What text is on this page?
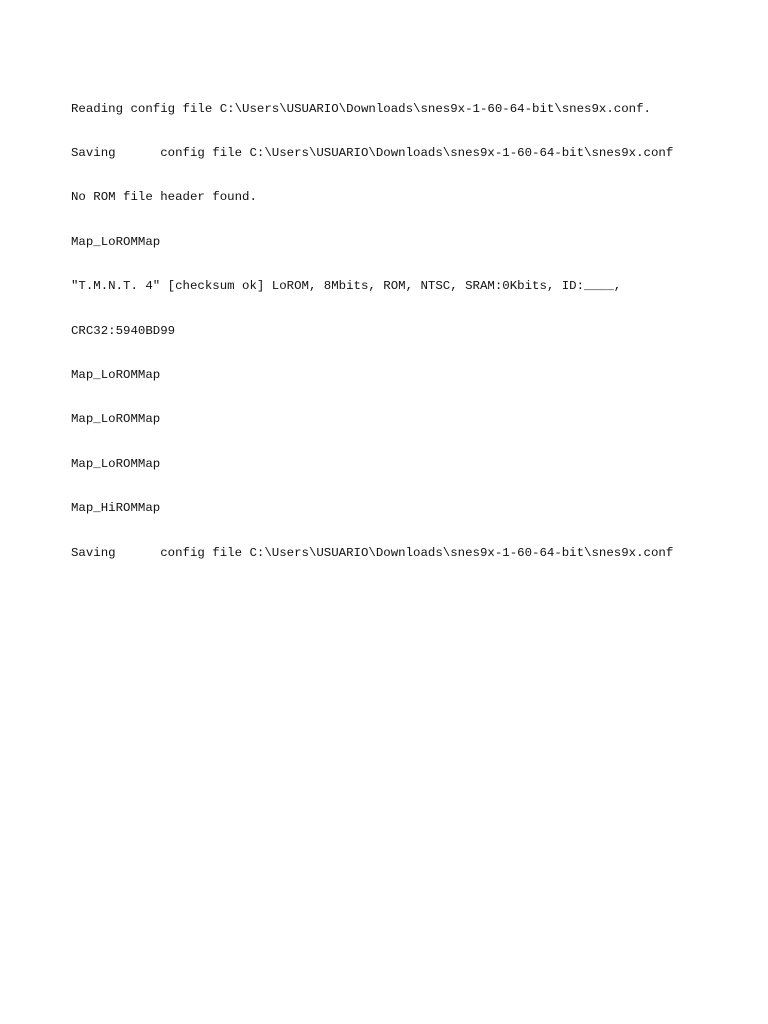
Reading config file C:\Users\USUARIO\Downloads\snes9x-1-60-64-bit\snes9x.conf.

Saving      config file C:\Users\USUARIO\Downloads\snes9x-1-60-64-bit\snes9x.conf

No ROM file header found.

Map_LoROMMap

"T.M.N.T. 4" [checksum ok] LoROM, 8Mbits, ROM, NTSC, SRAM:0Kbits, ID:____,

CRC32:5940BD99

Map_LoROMMap

Map_LoROMMap

Map_LoROMMap

Map_HiROMMap

Saving      config file C:\Users\USUARIO\Downloads\snes9x-1-60-64-bit\snes9x.conf
